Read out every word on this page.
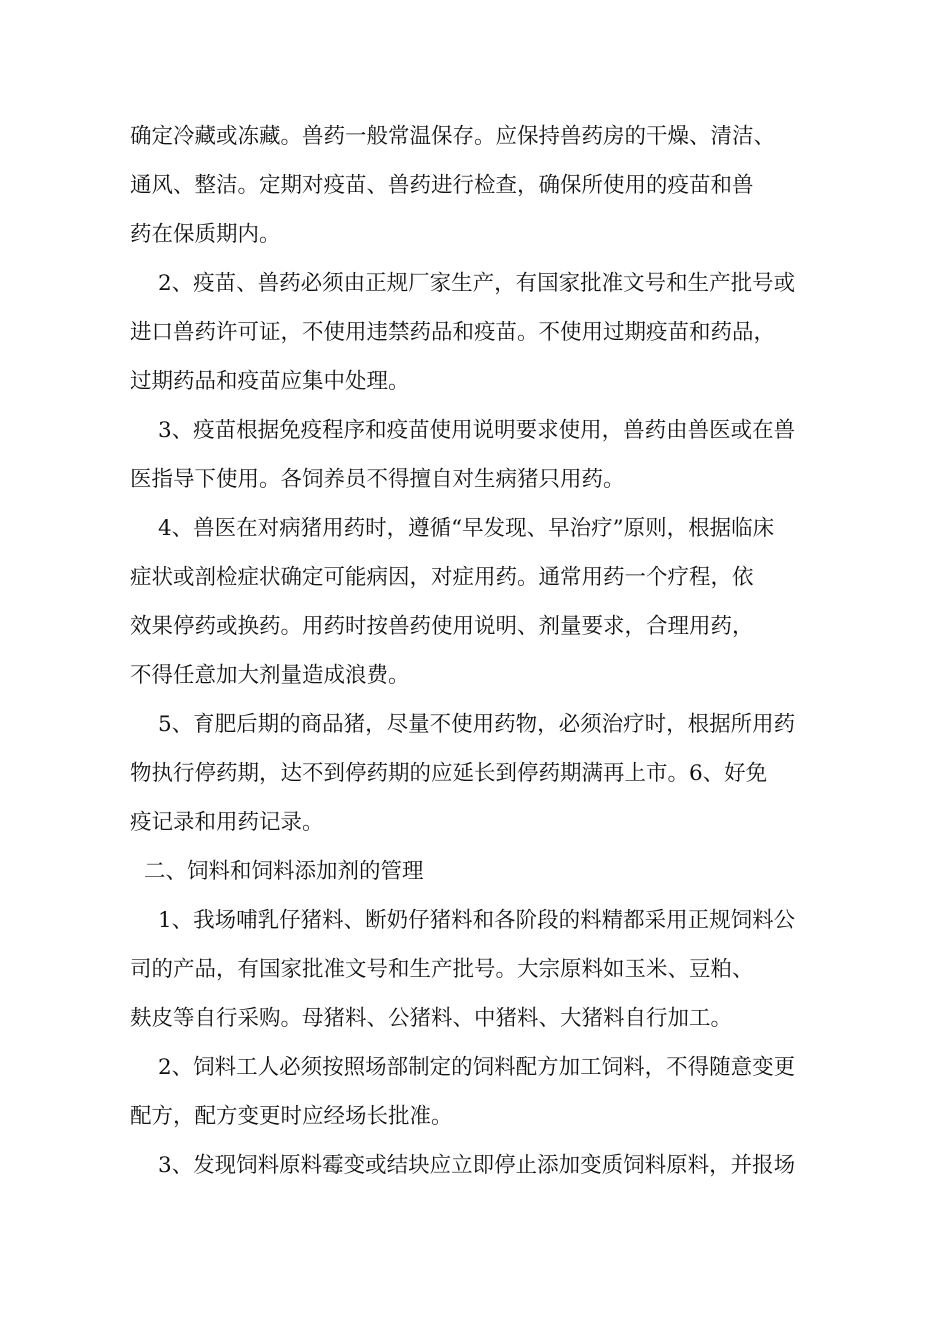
确定冷藏或冻藏。兽药一般常温保存。应保持兽药房的干燥、清洁、
通风、整洁。定期对疫苗、兽药进行检查，确保所使用的疫苗和兽
药在保质期内。
2、疫苗、兽药必须由正规厂家生产，有国家批准文号和生产批号或
进口兽药许可证，不使用违禁药品和疫苗。不使用过期疫苗和药品，
过期药品和疫苗应集中处理。
3、疫苗根据免疫程序和疫苗使用说明要求使用，兽药由兽医或在兽
医指导下使用。各饲养员不得擅自对生病猪只用药。
4、兽医在对病猪用药时，遵循“早发现、早治疗”原则，根据临床
症状或剖检症状确定可能病因，对症用药。通常用药一个疗程，依
效果停药或换药。用药时按兽药使用说明、剂量要求，合理用药，
不得任意加大剂量造成浪费。
5、育肥后期的商品猪，尽量不使用药物，必须治疗时，根据所用药
物执行停药期，达不到停药期的应延长到停药期满再上市。6、好免
疫记录和用药记录。
二、饲料和饲料添加剂的管理
1、我场哺乳仔猪料、断奶仔猪料和各阶段的料精都采用正规饲料公
司的产品，有国家批准文号和生产批号。大宗原料如玉米、豆粕、
麸皮等自行采购。母猪料、公猪料、中猪料、大猪料自行加工。
2、饲料工人必须按照场部制定的饲料配方加工饲料，不得随意变更
配方，配方变更时应经场长批准。
3、发现饲料原料霉变或结块应立即停止添加变质饲料原料，并报场
